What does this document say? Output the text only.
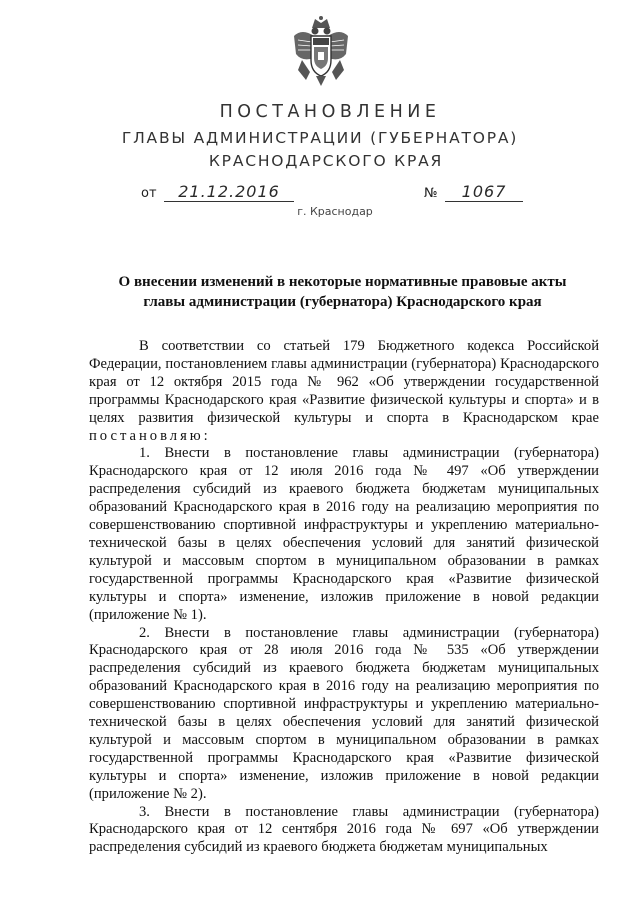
ПОСТАНОВЛЕНИЕ
ГЛАВЫ АДМИНИСТРАЦИИ (ГУБЕРНАТОРА)
КРАСНОДАРСКОГО КРАЯ
от 21.12.2016	№ 1067
г. Краснодар
О внесении изменений в некоторые нормативные правовые акты
главы администрации (губернатора) Краснодарского края

В соответствии со статьей 179 Бюджетного кодекса Российской Федерации, постановлением главы администрации (губернатора) Краснодарского края от 12 октября 2015 года № 962 «Об утверждении государственной программы Краснодарского края «Развитие физической культуры и спорта» и в целях развития физической культуры и спорта в Краснодарском крае постановляю:

1. Внести в постановление главы администрации (губернатора) Краснодарского края от 12 июля 2016 года № 497 «Об утверждении распределения субсидий из краевого бюджета бюджетам муниципальных образований Краснодарского края в 2016 году на реализацию мероприятия по совершенствованию спортивной инфраструктуры и укреплению материально-технической базы в целях обеспечения условий для занятий физической культурой и массовым спортом в муниципальном образовании в рамках государственной программы Краснодарского края «Развитие физической культуры и спорта» изменение, изложив приложение в новой редакции (приложение № 1).

2. Внести в постановление главы администрации (губернатора) Краснодарского края от 28 июля 2016 года № 535 «Об утверждении распределения субсидий из краевого бюджета бюджетам муниципальных образований Краснодарского края в 2016 году на реализацию мероприятия по совершенствованию спортивной инфраструктуры и укреплению материально-технической базы в целях обеспечения условий для занятий физической культурой и массовым спортом в муниципальном образовании в рамках государственной программы Краснодарского края «Развитие физической культуры и спорта» изменение, изложив приложение в новой редакции (приложение № 2).

3. Внести в постановление главы администрации (губернатора) Краснодарского края от 12 сентября 2016 года № 697 «Об утверждении распределения субсидий из краевого бюджета бюджетам муниципальных
